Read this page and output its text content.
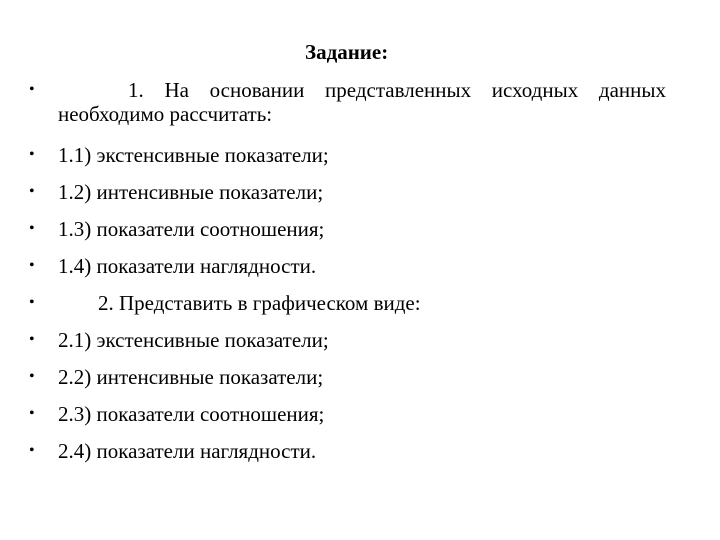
Задание:
•	1. На основании представленных исходных данных
необходимо рассчитать:
• 1.1) экстенсивные показатели;
• 1.2) интенсивные показатели;
• 1.3) показатели соотношения;
• 1.4) показатели наглядности.
•	2. Представить в графическом виде:
• 2.1) экстенсивные показатели;
• 2.2) интенсивные показатели;
• 2.3) показатели соотношения;
• 2.4) показатели наглядности.
